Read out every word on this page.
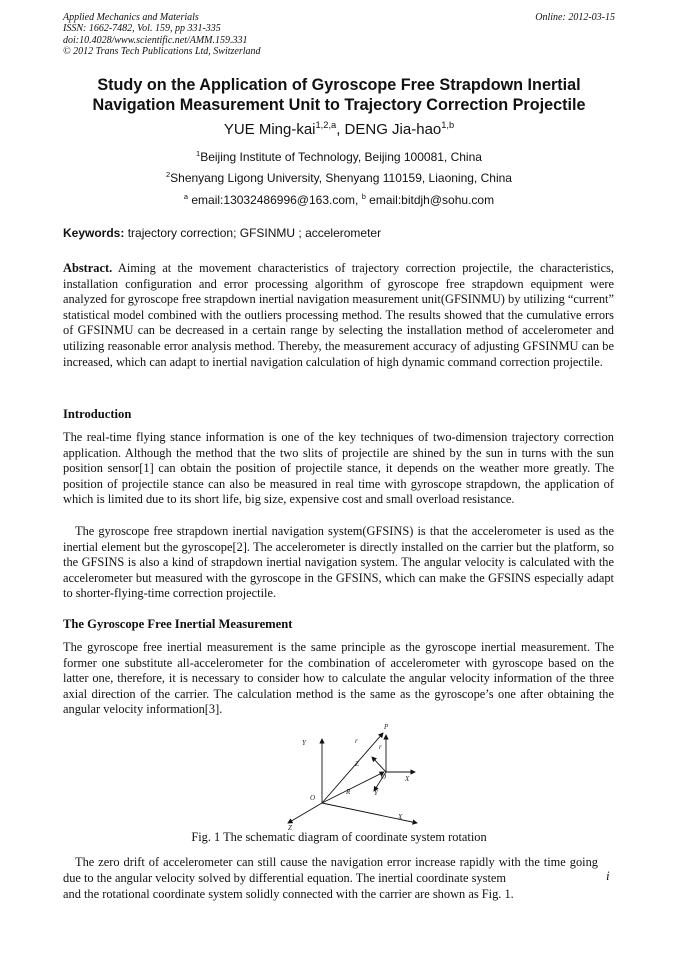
Applied Mechanics and Materials
ISSN: 1662-7482, Vol. 159, pp 331-335
doi:10.4028/www.scientific.net/AMM.159.331
© 2012 Trans Tech Publications Ltd, Switzerland
Online: 2012-03-15
Study on the Application of Gyroscope Free Strapdown Inertial
Navigation Measurement Unit to Trajectory Correction Projectile
YUE Ming-kai$^{1,2,a}$, DENG Jia-hao$^{1,b}$
$^1$Beijing Institute of Technology, Beijing 100081, China
$^2$Shenyang Ligong University, Shenyang 110159, Liaoning, China
$^a$ email:13032486996@163.com, $^b$ email:bitdjh@sohu.com
Keywords: trajectory correction; GFSINMU ; accelerometer
Abstract. Aiming at the movement characteristics of trajectory correction projectile, the characteristics, installation configuration and error processing algorithm of gyroscope free strapdown equipment were analyzed for gyroscope free strapdown inertial navigation measurement unit(GFSINMU) by utilizing “current” statistical model combined with the outliers processing method. The results showed that the cumulative errors of GFSINMU can be decreased in a certain range by selecting the installation method of accelerometer and utilizing reasonable error analysis method. Thereby, the measurement accuracy of adjusting GFSINMU can be increased, which can adapt to inertial navigation calculation of high dynamic command correction projectile.
Introduction
The real-time flying stance information is one of the key techniques of two-dimension trajectory correction application. Although the method that the two slits of projectile are shined by the sun in turns with the sun position sensor[1] can obtain the position of projectile stance, it depends on the weather more greatly. The position of projectile stance can also be measured in real time with gyroscope strapdown, the application of which is limited due to its short life, big size, expensive cost and small overload resistance.
The gyroscope free strapdown inertial navigation system(GFSINS) is that the accelerometer is used as the inertial element but the gyroscope[2]. The accelerometer is directly installed on the carrier but the platform, so the GFSINS is also a kind of strapdown inertial navigation system. The angular velocity is calculated with the accelerometer but measured with the gyroscope in the GFSINS, which can make the GFSINS especially adapt to shorter-flying-time correction projectile.
The Gyroscope Free Inertial Measurement
The gyroscope free inertial measurement is the same principle as the gyroscope inertial measurement. The former one substitute all-accelerometer for the combination of accelerometer with gyroscope based on the latter one, therefore, it is necessary to consider how to calculate the angular velocity information of the three axial direction of the carrier. The calculation method is the same as the gyroscope’s one after obtaining the angular velocity information[3].
P
r
r
Y
Z
O	X
O
R	Y
Z
X
Fig. 1 The schematic diagram of coordinate system rotation
The zero drift of accelerometer can still cause the navigation error increase rapidly with the time going due to the angular velocity solved by differential equation. The inertial coordinate system	i
and the rotational coordinate system solidly connected with the carrier are shown as Fig. 1.
